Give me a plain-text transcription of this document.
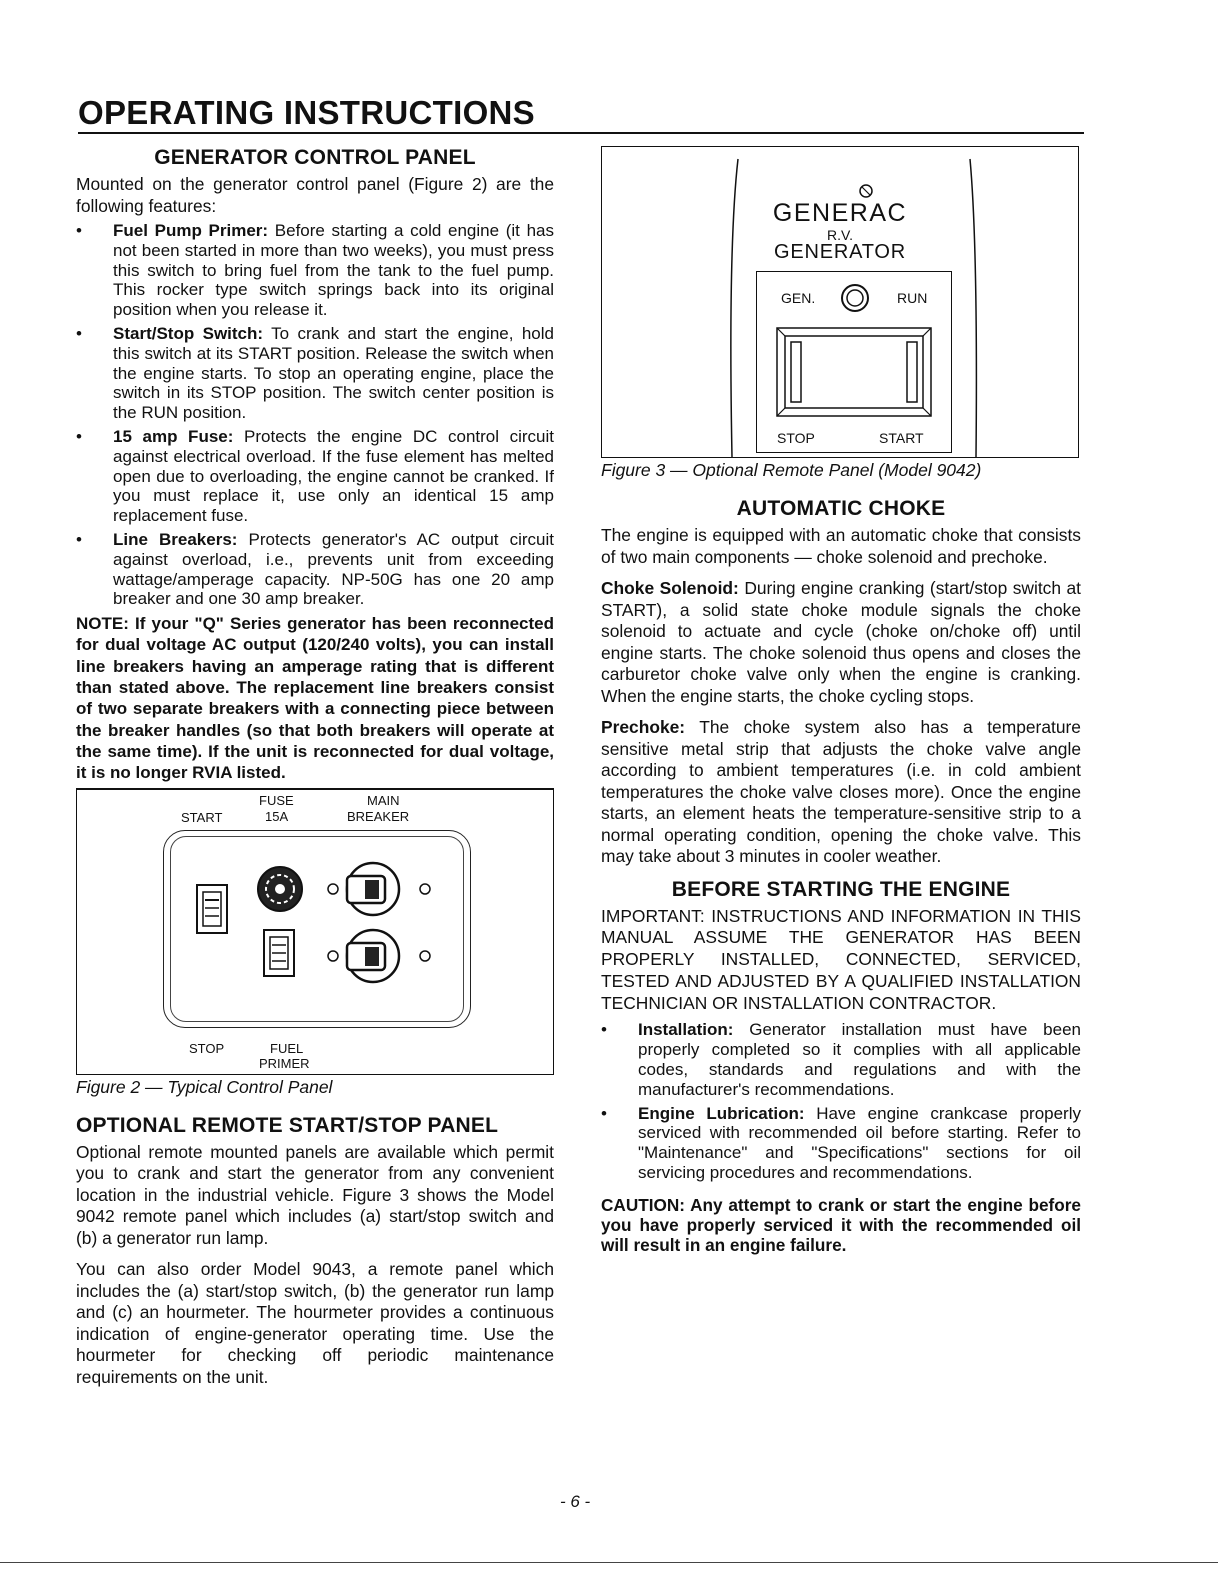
OPERATING INSTRUCTIONS
GENERATOR CONTROL PANEL

Mounted on the generator control panel (Figure 2) are the following features:

• Fuel Pump Primer: Before starting a cold engine (it has not been started in more than two weeks), you must press this switch to bring fuel from the tank to the fuel pump. This rocker type switch springs back into its original position when you release it.
• Start/Stop Switch: To crank and start the engine, hold this switch at its START position. Release the switch when the engine starts. To stop an operating engine, place the switch in its STOP position. The switch center position is the RUN position.
• 15 amp Fuse: Protects the engine DC control circuit against electrical overload. If the fuse element has melted open due to overloading, the engine cannot be cranked. If you must replace it, use only an identical 15 amp replacement fuse.
• Line Breakers: Protects generator's AC output circuit against overload, i.e., prevents unit from exceeding wattage/amperage capacity. NP-50G has one 20 amp breaker and one 30 amp breaker.
NOTE: If your "Q" Series generator has been reconnected for dual voltage AC output (120/240 volts), you can install line breakers having an amperage rating that is different than stated above. The replacement line breakers consist of two separate breakers with a connecting piece between the breaker handles (so that both breakers will operate at the same time). If the unit is reconnected for dual voltage, it is no longer RVIA listed.
START
FUSE
15A
MAIN
BREAKER
STOP	FUEL
PRIMER
Figure 2 — Typical Control Panel
OPTIONAL REMOTE START/STOP PANEL

Optional remote mounted panels are available which permit you to crank and start the generator from any convenient location in the industrial vehicle. Figure 3 shows the Model 9042 remote panel which includes (a) start/stop switch and (b) a generator run lamp.

You can also order Model 9043, a remote panel which includes the (a) start/stop switch, (b) the generator run lamp and (c) an hourmeter. The hourmeter provides a continuous indication of engine-generator operating time. Use the hourmeter for checking off periodic maintenance requirements on the unit.

GENERAC
R.V.
GENERATOR
GEN.	RUN
STOP	START
Figure 3 — Optional Remote Panel (Model 9042)
AUTOMATIC CHOKE

The engine is equipped with an automatic choke that consists of two main components — choke solenoid and prechoke.

Choke Solenoid: During engine cranking (start/stop switch at START), a solid state choke module signals the choke solenoid to actuate and cycle (choke on/choke off) until engine starts. The choke solenoid thus opens and closes the carburetor choke valve only when the engine is cranking. When the engine starts, the choke cycling stops.

Prechoke: The choke system also has a temperature sensitive metal strip that adjusts the choke valve angle according to ambient temperatures (i.e. in cold ambient temperatures the choke valve closes more). Once the engine starts, an element heats the temperature-sensitive strip to a normal operating condition, opening the choke valve. This may take about 3 minutes in cooler weather.

BEFORE STARTING THE ENGINE

IMPORTANT: INSTRUCTIONS AND INFORMATION IN THIS MANUAL ASSUME THE GENERATOR HAS BEEN PROPERLY INSTALLED, CONNECTED, SERVICED, TESTED AND ADJUSTED BY A QUALIFIED INSTALLATION TECHNICIAN OR INSTALLATION CONTRACTOR.

• Installation: Generator installation must have been properly completed so it complies with all applicable codes, standards and regulations and with the manufacturer's recommendations.
• Engine Lubrication: Have engine crankcase properly serviced with recommended oil before starting. Refer to "Maintenance" and "Specifications" sections for oil servicing procedures and recommendations.
CAUTION: Any attempt to crank or start the engine before you have properly serviced it with the recommended oil will result in an engine failure.
- 6 -
